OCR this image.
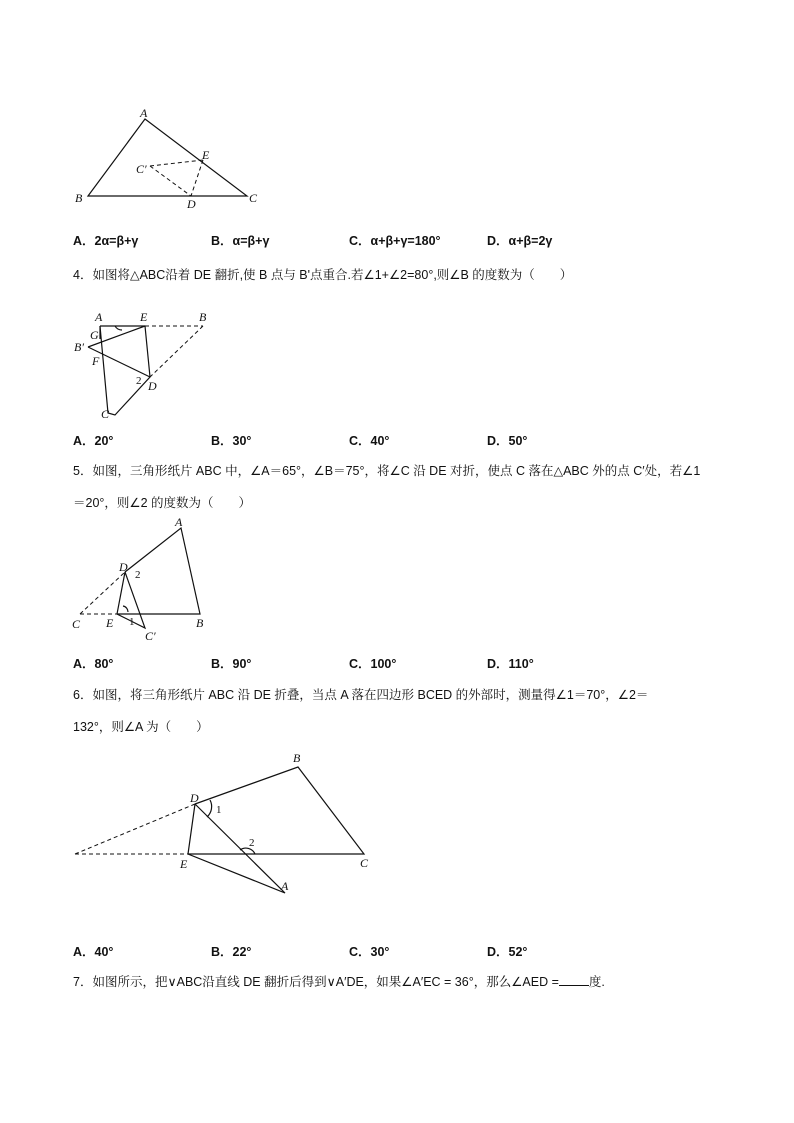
A
B	C
C′
D
E
A．2α=β+γ	B．α=β+γ	C．α+β+γ=180°	D．α+β=2γ
4．如图将△ABC沿着 DE 翻折,使 B 点与 B'点重合.若∠1+∠2=80°,则∠B 的度数为（　　）
A	E	B
G
B′
F
2 D
C
A．20°	B．30°	C．40°	D．50°
5．如图，三角形纸片 ABC 中，∠A＝65°，∠B＝75°，将∠C 沿 DE 对折，使点 C 落在△ABC 外的点 C′处，若∠1
＝20°，则∠2 的度数为（　　）
A
D
2
C E 1	B
C′
A．80°	B．90°	C．100°	D．110°
6．如图，将三角形纸片 ABC 沿 DE 折叠，当点 A 落在四边形 BCED 的外部时，测量得∠1＝70°，∠2＝
132°，则∠A 为（　　）
B
D
1
2
E	C
A
A．40°	B．22°	C．30°	D．52°
7．如图所示，把∨ABC沿直线 DE 翻折后得到∨A′DE，如果∠A′EC = 36°，那么∠AED = 度.
